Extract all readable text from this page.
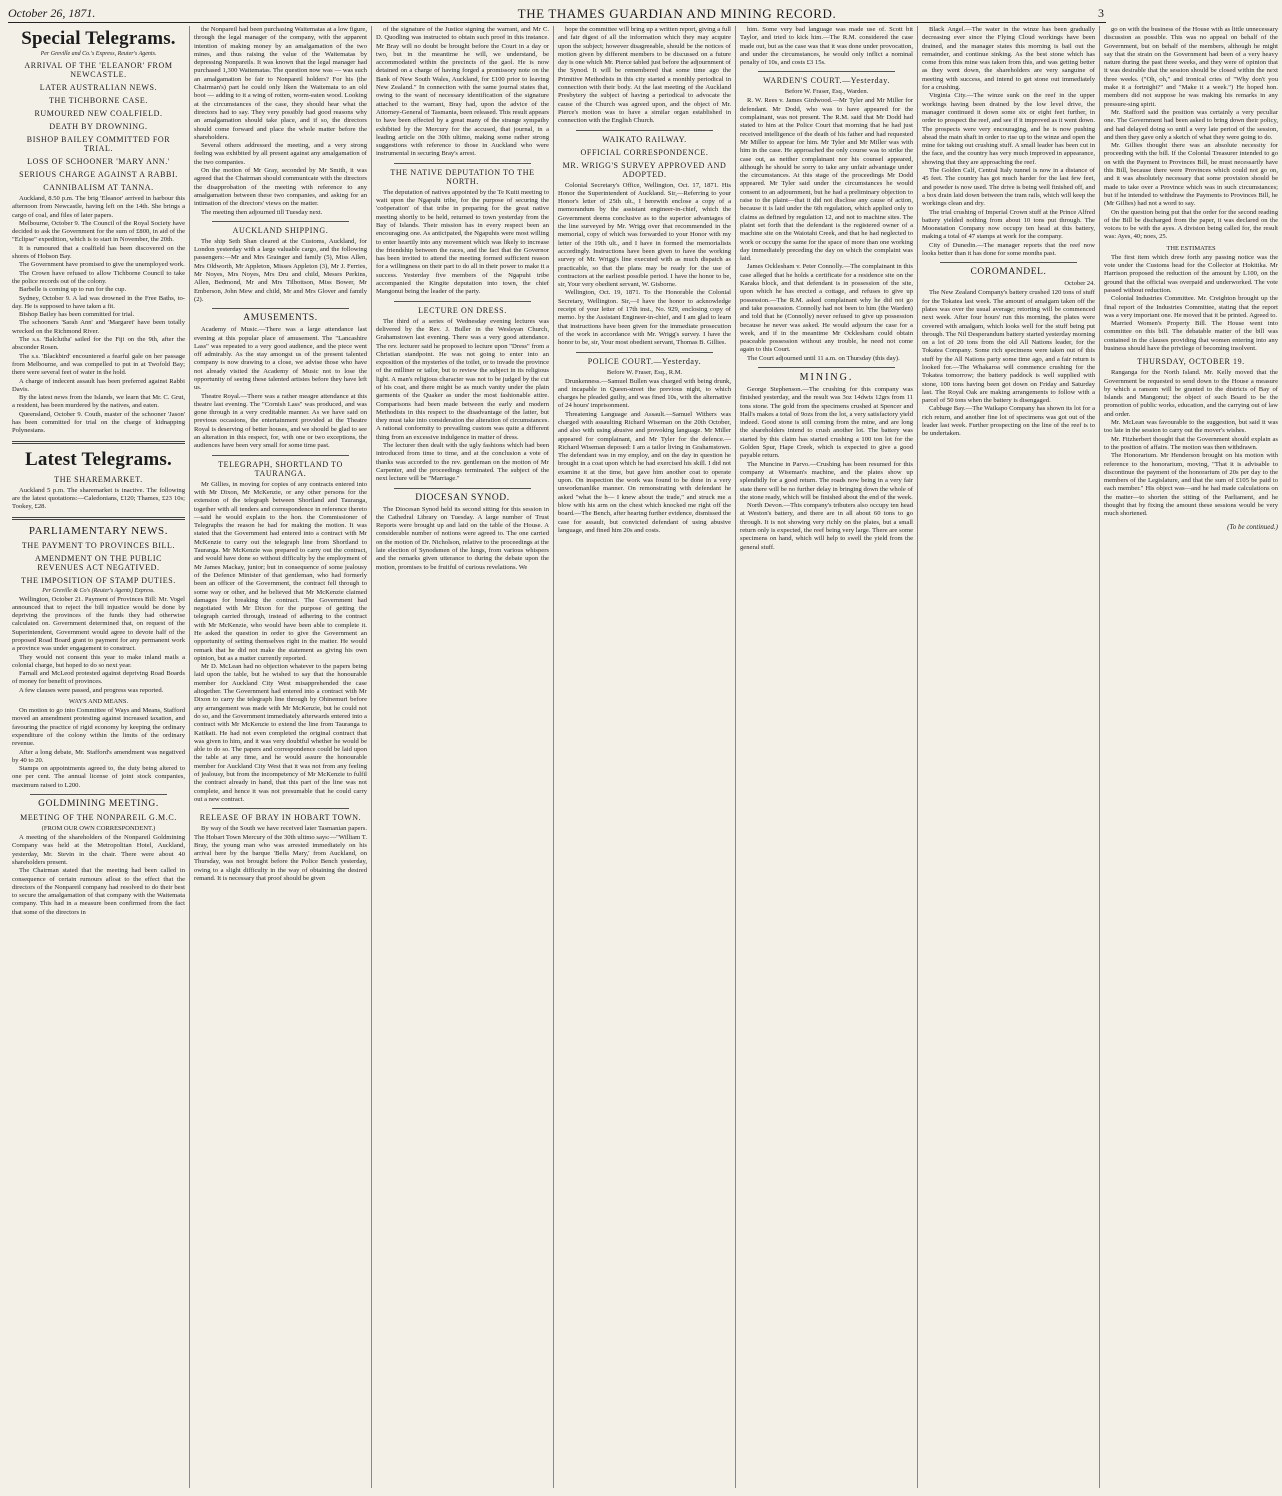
October 26, 1871.	THE THAMES GUARDIAN AND MINING RECORD.	3
Special Telegrams.
Per Greville and Co.'s Express, Reuter's Agents.
ARRIVAL OF THE 'ELEANOR' FROM NEWCASTLE.
LATER AUSTRALIAN NEWS.
THE TICHBORNE CASE.
RUMOURED NEW COALFIELD.
DEATH BY DROWNING.
BISHOP BAILEY COMMITTED FOR TRIAL.
LOSS OF SCHOONER 'MARY ANN.'
SERIOUS CHARGE AGAINST A RABBI.
CANNIBALISM AT TANNA.

Auckland, 8.50 p.m. The brig 'Eleanor' arrived in harbour this afternoon from Newcastle, having left on the 14th. She brings a cargo of coal, and files of later papers.

Melbourne, October 9. The Council of the Royal Society have decided to ask the Government for the sum of £800, in aid of the "Eclipse" expedition, which is to start in November, the 20th.

It is rumoured that a coalfield has been discovered on the shores of Hobson Bay.

The Government have promised to give the unemployed work.

The Crown have refused to allow Tichborne Council to take the police records out of the colony.

Barbelle is coming up to run for the cup.

Sydney, October 9. A lad was drowned in the Free Baths, to-day. He is supposed to have taken a fit.

Bishop Bailey has been committed for trial.

The schooners 'Sarah Ann' and 'Margaret' have been totally wrecked on the Richmond River.

The s.s. 'Balclutha' sailed for the Fiji on the 9th, after the absconder Rosen.

The s.s. 'Blackbird' encountered a fearful gale on her passage from Melbourne, and was compelled to put in at Twofold Bay; there were several feet of water in the hold.

A charge of indecent assault has been preferred against Rabbi Davis.

By the latest news from the Islands, we learn that Mr. C. Grut, a resident, has been murdered by the natives, and eaten.

Queensland, October 9. Couth, master of the schooner 'Jason' has been committed for trial on the charge of kidnapping Polynesians.

Latest Telegrams.
THE SHAREMARKET.

Auckland 5 p.m. The sharemarket is inactive. The following are the latest quotations:—Caledonians, £120; Thames, £23 10s; Tookey, £28.

PARLIAMENTARY NEWS.
THE PAYMENT TO PROVINCES BILL.
AMENDMENT ON THE PUBLIC REVENUES ACT NEGATIVED.
THE IMPOSITION OF STAMP DUTIES.
Per Greville & Co's (Reuter's Agents) Express.

Wellington, October 21. Payment of Provinces Bill: Mr. Vogel announced that to reject the bill injustice would be done by depriving the provinces of the funds they had otherwise calculated on. Government determined that, on request of the Superintendent, Government would agree to devote half of the proposed Road Board grant to payment for any permanent work a province was under engagement to construct.

They would not consent this year to make inland mails a colonial charge, but hoped to do so next year.

Farnall and McLeod protested against depriving Road Boards of money for benefit of provinces.

A few clauses were passed, and progress was reported.

WAYS AND MEANS.

On motion to go into Committee of Ways and Means, Stafford moved an amendment protesting against increased taxation, and favouring the practice of rigid economy by keeping the ordinary expenditure of the colony within the limits of the ordinary revenue.

After a long debate, Mr. Stafford's amendment was negatived by 40 to 20.

Stamps on appointments agreed to, the duty being altered to one per cent. The annual license of joint stock companies, maximum raised to L200.

GOLDMINING MEETING.
MEETING OF THE NONPAREIL G.M.C.
(FROM OUR OWN CORRESPONDENT.)

A meeting of the shareholders of the Nonpareil Goldmining Company was held at the Metropolitan Hotel, Auckland, yesterday, Mr. Stevin in the chair. There were about 40 shareholders present.

The Chairman stated that the meeting had been called in consequence of certain rumours afloat to the effect that the directors of the Nonpareil company had resolved to do their best to secure the amalgamation of that company with the Waitemata company. This had in a measure been confirmed from the fact that some of the directors in

the Nonpareil had been purchasing Waitematas at a low figure, through the legal manager of the company, with the apparent intention of making money by an amalgamation of the two mines, and thus raising the value of the Waitematas by depressing Nonpareils. It was known that the legal manager had purchased 1,300 Waitematas. The question now was — was such an amalgamation be fair to Nonpareil holders? For his (the Chairman's) part he could only liken the Waitemata to an old boot — adding to it a wing of rotten, worm-eaten wood. Looking at the circumstances of the case, they should hear what the directors had to say. They very possibly had good reasons why an amalgamation should take place, and if so, the directors should come forward and place the whole matter before the shareholders.

Several others addressed the meeting, and a very strong feeling was exhibited by all present against any amalgamation of the two companies.

On the motion of Mr Gray, seconded by Mr Smith, it was agreed that the Chairman should communicate with the directors the disapprobation of the meeting with reference to any amalgamation between these two companies, and asking for an intimation of the directors' views on the matter.

The meeting then adjourned till Tuesday next.

AUCKLAND SHIPPING.

The ship Seth Shan cleared at the Customs, Auckland, for London yesterday with a large valuable cargo, and the following passengers:—Mr and Mrs Grainger and family (5), Miss Allen, Mrs Oldworth, Mr Appleton, Misses Appleton (3), Mr J. Ferries, Mr Noyes, Mrs Noyes, Mrs Dru and child, Messrs Perkins, Allen, Bedmond, Mr and Mrs Tilbottson, Miss Bower, Mr Emberson, John Mew and child, Mr and Mrs Glover and family (2).

AMUSEMENTS.

Academy of Music.—There was a large attendance last evening at this popular place of amusement. The "Lancashire Lass" was repeated to a very good audience, and the piece went off admirably. As the stay amongst us of the present talented company is now drawing to a close, we advise those who have not already visited the Academy of Music not to lose the opportunity of seeing these talented artistes before they have left us.

Theatre Royal.—There was a rather meagre attendance at this theatre last evening. The "Cornish Lass" was produced, and was gone through in a very creditable manner. As we have said on previous occasions, the entertainment provided at the Theatre Royal is deserving of better houses, and we should be glad to see an alteration in this respect, for, with one or two exceptions, the audiences have been very small for some time past.

TELEGRAPH, SHORTLAND TO TAURANGA.

Mr Gillies, in moving for copies of any contracts entered into with Mr Dixon, Mr McKenzie, or any other persons for the extension of the telegraph between Shortland and Tauranga, together with all tenders and correspondence in reference thereto—said he would explain to the hon. the Commissioner of Telegraphs the reason he had for making the motion. It was stated that the Government had entered into a contract with Mr McKenzie to carry out the telegraph line from Shortland to Tauranga. Mr McKenzie was prepared to carry out the contract, and would have done so without difficulty by the employment of Mr James Mackay, junior; but in consequence of some jealousy of the Defence Minister of that gentleman, who had formerly been an officer of the Government, the contract fell through to some way or other, and he believed that Mr McKenzie claimed damages for breaking the contract. The Government had negotiated with Mr Dixon for the purpose of getting the telegraph carried through, instead of adhering to the contract with Mr McKenzie, who would have been able to complete it. He asked the question in order to give the Government an opportunity of setting themselves right in the matter. He would remark that he did not make the statement as giving his own opinion, but as a matter currently reported.

Mr D. McLean had no objection whatever to the papers being laid upon the table, but he wished to say that the honourable member for Auckland City West misapprehended the case altogether. The Government had entered into a contract with Mr Dixon to carry the telegraph line through by Ohinemuri before any arrangement was made with Mr McKenzie, but he could not do so, and the Government immediately afterwards entered into a contract with Mr McKenzie to extend the line from Tauranga to Katikati. He had not even completed the original contract that was given to him, and it was very doubtful whether he would be able to do so. The papers and correspondence could be laid upon the table at any time, and he would assure the honourable member for Auckland City West that it was not from any feeling of jealousy, but from the incompetency of Mr McKenzie to fulfil the contract already in hand, that this part of the line was not complete, and hence it was not presumable that he could carry out a new contract.

RELEASE OF BRAY IN HOBART TOWN.

By way of the South we have received later Tasmanian papers. The Hobart Town Mercury of the 30th ultimo says:—"William T. Bray, the young man who was arrested immediately on his arrival here by the barque 'Bella Mary,' from Auckland, on Thursday, was not brought before the Police Bench yesterday, owing to a slight difficulty in the way of obtaining the desired remand. It is necessary that proof should be given

of the signature of the Justice signing the warrant, and Mr C. D. Quodling was instructed to obtain such proof in this instance. Mr Bray will no doubt be brought before the Court in a day or two, but in the meantime he will, we understand, be accommodated within the precincts of the gaol. He is now detained on a charge of having forged a promissory note on the Bank of New South Wales, Auckland, for £100 prior to leaving New Zealand." In connection with the same journal states that, owing to the want of necessary identification of the signature attached to the warrant, Bray had, upon the advice of the Attorney-General of Tasmania, been released. This result appears to have been effected by a great many of the strange sympathy exhibited by the Mercury for the accused, that journal, in a leading article on the 30th ultimo, making some rather strong suggestions with reference to those in Auckland who were instrumental in securing Bray's arrest.

THE NATIVE DEPUTATION TO THE NORTH.

The deputation of natives appointed by the Te Kuiti meeting to wait upon the Ngapuhi tribe, for the purpose of securing the 'coöperation' of that tribe in preparing for the great native meeting shortly to be held, returned to town yesterday from the Bay of Islands. Their mission has in every respect been an encouraging one. As anticipated, the Ngapuhis were most willing to enter heartily into any movement which was likely to increase the friendship between the races, and the fact that the Governor has been invited to attend the meeting formed sufficient reason for a willingness on their part to do all in their power to make it a success. Yesterday five members of the Ngapuhi tribe accompanied the Kingite deputation into town, the chief Mangonui being the leader of the party.

LECTURE ON DRESS.

The third of a series of Wednesday evening lectures was delivered by the Rev. J. Buller in the Wesleyan Church, Grahamstown last evening. There was a very good attendance. The rev. lecturer said he proposed to lecture upon "Dress" from a Christian standpoint. He was not going to enter into an exposition of the mysteries of the toilet, or to invade the province of the milliner or tailor, but to review the subject in its religious light. A man's religious character was not to be judged by the cut of his coat, and there might be as much vanity under the plain garments of the Quaker as under the most fashionable attire. Comparisons had been made between the early and modern Methodists in this respect to the disadvantage of the latter, but they must take into consideration the alteration of circumstances. A rational conformity to prevailing custom was quite a different thing from an excessive indulgence in matter of dress.

The lecturer then dealt with the ugly fashions which had been introduced from time to time, and at the conclusion a vote of thanks was accorded to the rev. gentleman on the motion of Mr Carpenter, and the proceedings terminated. The subject of the next lecture will be "Marriage."

DIOCESAN SYNOD.

The Diocesan Synod held its second sitting for this session in the Cathedral Library on Tuesday. A large number of Trust Reports were brought up and laid on the table of the House. A considerable number of notions were agreed to. The one carried on the motion of Dr. Nicholson, relative to the proceedings at the late election of Synodsmen of the lungs, from various whispers and the remarks given utterance to during the debate upon the motion, promises to be fruitful of curious revelations. We

hope the committee will bring up a written report, giving a full and fair digest of all the information which they may acquire upon the subject; however disagreeable, should be the notices of motion given by different members to be discussed on a future day is one which Mr. Pierce tabled just before the adjournment of the Synod. It will be remembered that some time ago the Primitive Methodists in this city started a monthly periodical in connection with their body. At the last meeting of the Auckland Presbytery the subject of having a periodical to advocate the cause of the Church was agreed upon, and the object of Mr. Pierce's motion was to have a similar organ established in connection with the English Church.

WAIKATO RAILWAY.
OFFICIAL CORRESPONDENCE.
MR. WRIGG'S SURVEY APPROVED AND ADOPTED.

Colonial Secretary's Office, Wellington, Oct. 17, 1871. His Honor the Superintendent of Auckland. Sir,—Referring to your Honor's letter of 25th ult., I herewith enclose a copy of a memorandum by the assistant engineer-in-chief, which the Government deems conclusive as to the superior advantages of the line surveyed by Mr. Wrigg over that recommended in the memorial, copy of which was forwarded to your Honor with my letter of the 19th ult., and I have in formed the memorialists accordingly. Instructions have been given to have the working survey of Mr. Wrigg's line executed with as much dispatch as practicable, so that the plans may be ready for the use of contractors at the earliest possible period. I have the honor to be, sir, Your very obedient servant, W. Gisborne.

Wellington, Oct. 19, 1871. To the Honorable the Colonial Secretary, Wellington. Sir,—I have the honor to acknowledge receipt of your letter of 17th inst., No. 929, enclosing copy of memo. by the Assistant Engineer-in-chief, and I am glad to learn that instructions have been given for the immediate prosecution of the work in accordance with Mr. Wrigg's survey. I have the honor to be, sir, Your most obedient servant, Thomas B. Gillies.

POLICE COURT.—Yesterday.
Before W. Fraser, Esq., R.M.

Drunkenness.—Samuel Bullen was charged with being drunk, and incapable in Queen-street the previous night, to which charges he pleaded guilty, and was fined 10s, with the alternative of 24 hours' imprisonment.

Threatening Language and Assault.—Samuel Withers was charged with assaulting Richard Wiseman on the 20th October, and also with using abusive and provoking language. Mr Miller appeared for complainant, and Mr Tyler for the defence.—Richard Wiseman deposed: I am a tailor living in Grahamstown. The defendant was in my employ, and on the day in question he brought in a coat upon which he had exercised his skill. I did not examine it at the time, but gave him another coat to operate upon. On inspection the work was found to be done in a very unworkmanlike manner. On remonstrating with defendant he asked "what the h— I knew about the trade," and struck me a blow with his arm on the chest which knocked me right off the board.—The Bench, after hearing further evidence, dismissed the case for assault, but convicted defendant of using abusive language, and fined him 20s and costs.

him. Some very bad language was made use of. Scott bit Taylor, and tried to kick him.—The R.M. considered the case made out, but as the case was that it was done under provocation, and under the circumstances, he would only inflict a nominal penalty of 10s, and costs £3 15s.

WARDEN'S COURT.—Yesterday.
Before W. Fraser, Esq., Warden.

R. W. Rees v. James Girdwood.—Mr Tyler and Mr Miller for defendant. Mr Dodd, who was to have appeared for the complainant, was not present. The R.M. said that Mr Dodd had stated to him at the Police Court that morning that he had just received intelligence of the death of his father and had requested Mr Miller to appear for him. Mr Tyler and Mr Miller was with him in the case. He approached the only course was to strike the case out, as neither complainant nor his counsel appeared, although he should be sorry to take any unfair advantage under the circumstances. At this stage of the proceedings Mr Dodd appeared. Mr Tyler said under the circumstances he would consent to an adjournment, but he had a preliminary objection to raise to the plaint—that it did not disclose any cause of action, because it is laid under the 6th regulation, which applied only to claims as defined by regulation 12, and not to machine sites. The plaint set forth that the defendant is the registered owner of a machine site on the Waiotahi Creek, and that he had neglected to work or occupy the same for the space of more than one working day immediately preceding the day on which the complaint was laid.

James Ocklesham v. Peter Connolly.—The complainant in this case alleged that he holds a certificate for a residence site on the Karaka block, and that defendant is in possession of the site, upon which he has erected a cottage, and refuses to give up possession.—The R.M. asked complainant why he did not go and take possession. Connolly had not been to him (the Warden) and told that he (Connolly) never refused to give up possession because he never was asked. He would adjourn the case for a week, and if in the meantime Mr Ocklesham could obtain peaceable possession without any trouble, he need not come again to this Court.

The Court adjourned until 11 a.m. on Thursday (this day).

MINING.

George Stephenson.—The crushing for this company was finished yesterday, and the result was 3oz 14dwts 12grs from 11 tons stone. The gold from the specimens crushed at Spencer and Hall's makes a total of 9ozs from the lot, a very satisfactory yield indeed. Good stone is still coming from the mine, and are long the shareholders intend to crush another lot. The battery was started by this claim has started crushing a 100 ton lot for the Golden Spur, Hape Creek, which is expected to give a good payable return.

The Muncine in Parvo.—Crushing has been resumed for this company at Wiseman's machine, and the plates show up splendidly for a good return. The roads now being in a very fair state there will be no further delay in bringing down the whole of the stone ready, which will be finished about the end of the week.

North Devon.—This company's tributers also occupy ten head at Weston's battery, and there are in all about 60 tons to go through. It is not showing very richly on the plates, but a small return only is expected, the reef being very large. There are some specimens on hand, which will help to swell the yield from the general stuff.

Black Angel.—The water in the winze has been gradually decreasing ever since the Flying Cloud workings have been drained, and the manager states this morning is bail out the remainder, and continue sinking. As the best stone which has come from this mine was taken from this, and was getting better as they went down, the shareholders are very sanguine of meeting with success, and intend to get stone out immediately for a crushing.

Virginia City.—The winze sunk on the reef in the upper workings having been drained by the low level drive, the manager continued it down some six or eight feet further, in order to prospect the reef, and see if it improved as it went down. The prospects were very encouraging, and he is now pushing ahead the main shaft in order to rise up to the winze and open the mine for taking out crushing stuff. A small leader has been cut in the face, and the country has very much improved in appearance, showing that they are approaching the reef.

The Golden Calf, Central Italy tunnel is now in a distance of 45 feet. The country has got much harder for the last few feet, and powder is now used. The drive is being well finished off, and a box drain laid down between the tram rails, which will keep the workings clean and dry.

The trial crushing of Imperial Crown stuff at the Prince Alfred battery yielded nothing from about 10 tons put through. The Moonstation Company now occupy ten head at this battery, making a total of 47 stamps at work for the company.

City of Dunedin.—The manager reports that the reef now looks better than it has done for some months past.

COROMANDEL.
October 24.

The New Zealand Company's battery crushed 120 tons of stuff for the Tokatea last week. The amount of amalgam taken off the plates was over the usual average; retorting will be commenced next week. After four hours' run this morning, the plates were covered with amalgam, which looks well for the stuff being put through. The Nil Desperandum battery started yesterday morning on a lot of 20 tons from the old All Nations leader, for the Tokatea Company. Some rich specimens were taken out of this stuff by the All Nations party some time ago, and a fair return is looked for.—The Whakaroa will commence crushing for the Tokatea tomorrow; the battery paddock is well supplied with stone, 100 tons having been got down on Friday and Saturday last. The Royal Oak are making arrangements to follow with a parcel of 50 tons when the battery is disengaged.

Cabbage Bay.—The Waikapo Company has shown its lot for a rich return, and another fine lot of specimens was got out of the leader last week. Further prospecting on the line of the reef is to be undertaken.

go on with the business of the House with as little unnecessary discussion as possible. This was no appeal on behalf of the Government, but on behalf of the members, although he might say that the strain on the Government had been of a very heavy nature during the past three weeks, and they were of opinion that it was desirable that the session should be closed within the next three weeks. ("Oh, oh," and ironical cries of "Why don't you make it a fortnight?" and "Make it a week.") He hoped hon. members did not suppose he was making his remarks in any pressure-sing spirit.

Mr. Stafford said the position was certainly a very peculiar one. The Government had been asked to bring down their policy, and had delayed doing so until a very late period of the session, and then they gave only a sketch of what they were going to do.

Mr. Gillies thought there was an absolute necessity for proceeding with the bill. If the Colonial Treasurer intended to go on with the Payment to Provinces Bill, he must necessarily have this Bill, because there were Provinces which could not go on, and it was absolutely necessary that some provision should be made to take over a Province which was in such circumstances; but if he intended to withdraw the Payments to Provinces Bill, he (Mr Gillies) had not a word to say.

On the question being put that the order for the second reading of the Bill be discharged from the paper, it was declared on the voices to be with the ayes. A division being called for, the result was: Ayes, 40; noes, 25.

THE ESTIMATES

The first item which drew forth any passing notice was the vote under the Customs head for the Collector at Hokitika. Mr Harrison proposed the reduction of the amount by L100, on the ground that the official was overpaid and underworked. The vote passed without reduction.

Colonial Industries Committee. Mr. Creighton brought up the final report of the Industries Committee, stating that the report was a very important one. He moved that it be printed. Agreed to.

Married Women's Property Bill. The House went into committee on this bill. The debatable matter of the bill was contained in the clauses providing that women entering into any business should have the privilege of becoming insolvent.

THURSDAY, OCTOBER 19.

Ranganga for the North Island. Mr. Kelly moved that the Government be requested to send down to the House a measure by which a ransom will be granted to the districts of Bay of Islands and Mangonui; the object of such Board to be the promotion of public works, education, and the carrying out of law and order.

Mr. McLean was favourable to the suggestion, but said it was too late in the session to carry out the mover's wishes.

Mr. Fitzherbert thought that the Government should explain as to the position of affairs. The motion was then withdrawn.

The Honorarium. Mr Henderson brought on his motion with reference to the honorarium, moving, "That it is advisable to discontinue the payment of the honorarium of 20s per day to the members of the Legislature, and that the sum of £105 be paid to each member." His object was—and he had made calculations on the matter—to shorten the sitting of the Parliament, and he thought that by fixing the amount these sessions would be very much shortened.

(To be continued.)
